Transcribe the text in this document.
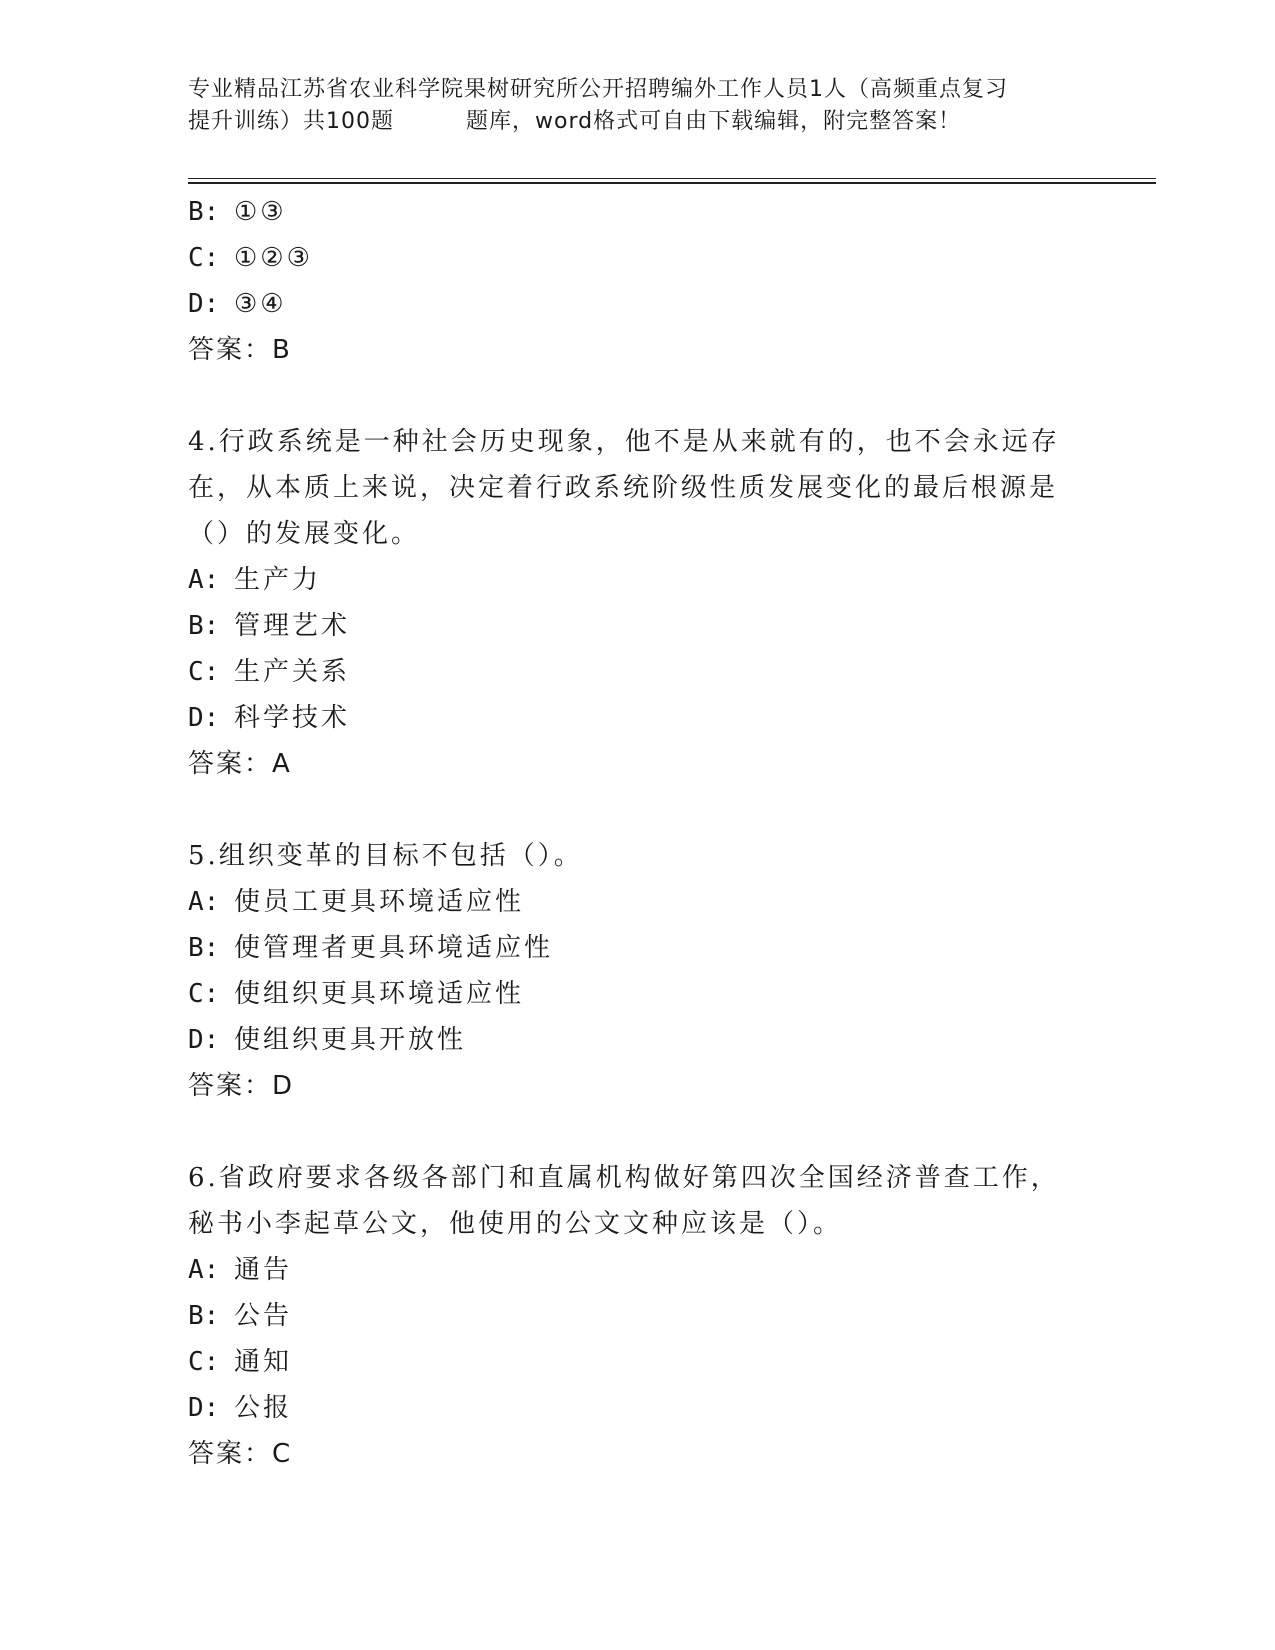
专业精品江苏省农业科学院果树研究所公开招聘编外工作人员1人（高频重点复习
提升训练）共100题	题库，word格式可自由下载编辑，附完整答案！
B: ①③
C: ①②③
D: ③④
答案：B
4.行政系统是一种社会历史现象，他不是从来就有的，也不会永远存
在，从本质上来说，决定着行政系统阶级性质发展变化的最后根源是
（）的发展变化。
A: 生产力
B: 管理艺术
C: 生产关系
D: 科学技术
答案：A
5.组织变革的目标不包括（）。
A: 使员工更具环境适应性
B: 使管理者更具环境适应性
C: 使组织更具环境适应性
D: 使组织更具开放性
答案：D
6.省政府要求各级各部门和直属机构做好第四次全国经济普查工作，
秘书小李起草公文，他使用的公文文种应该是（）。
A: 通告
B: 公告
C: 通知
D: 公报
答案：C
